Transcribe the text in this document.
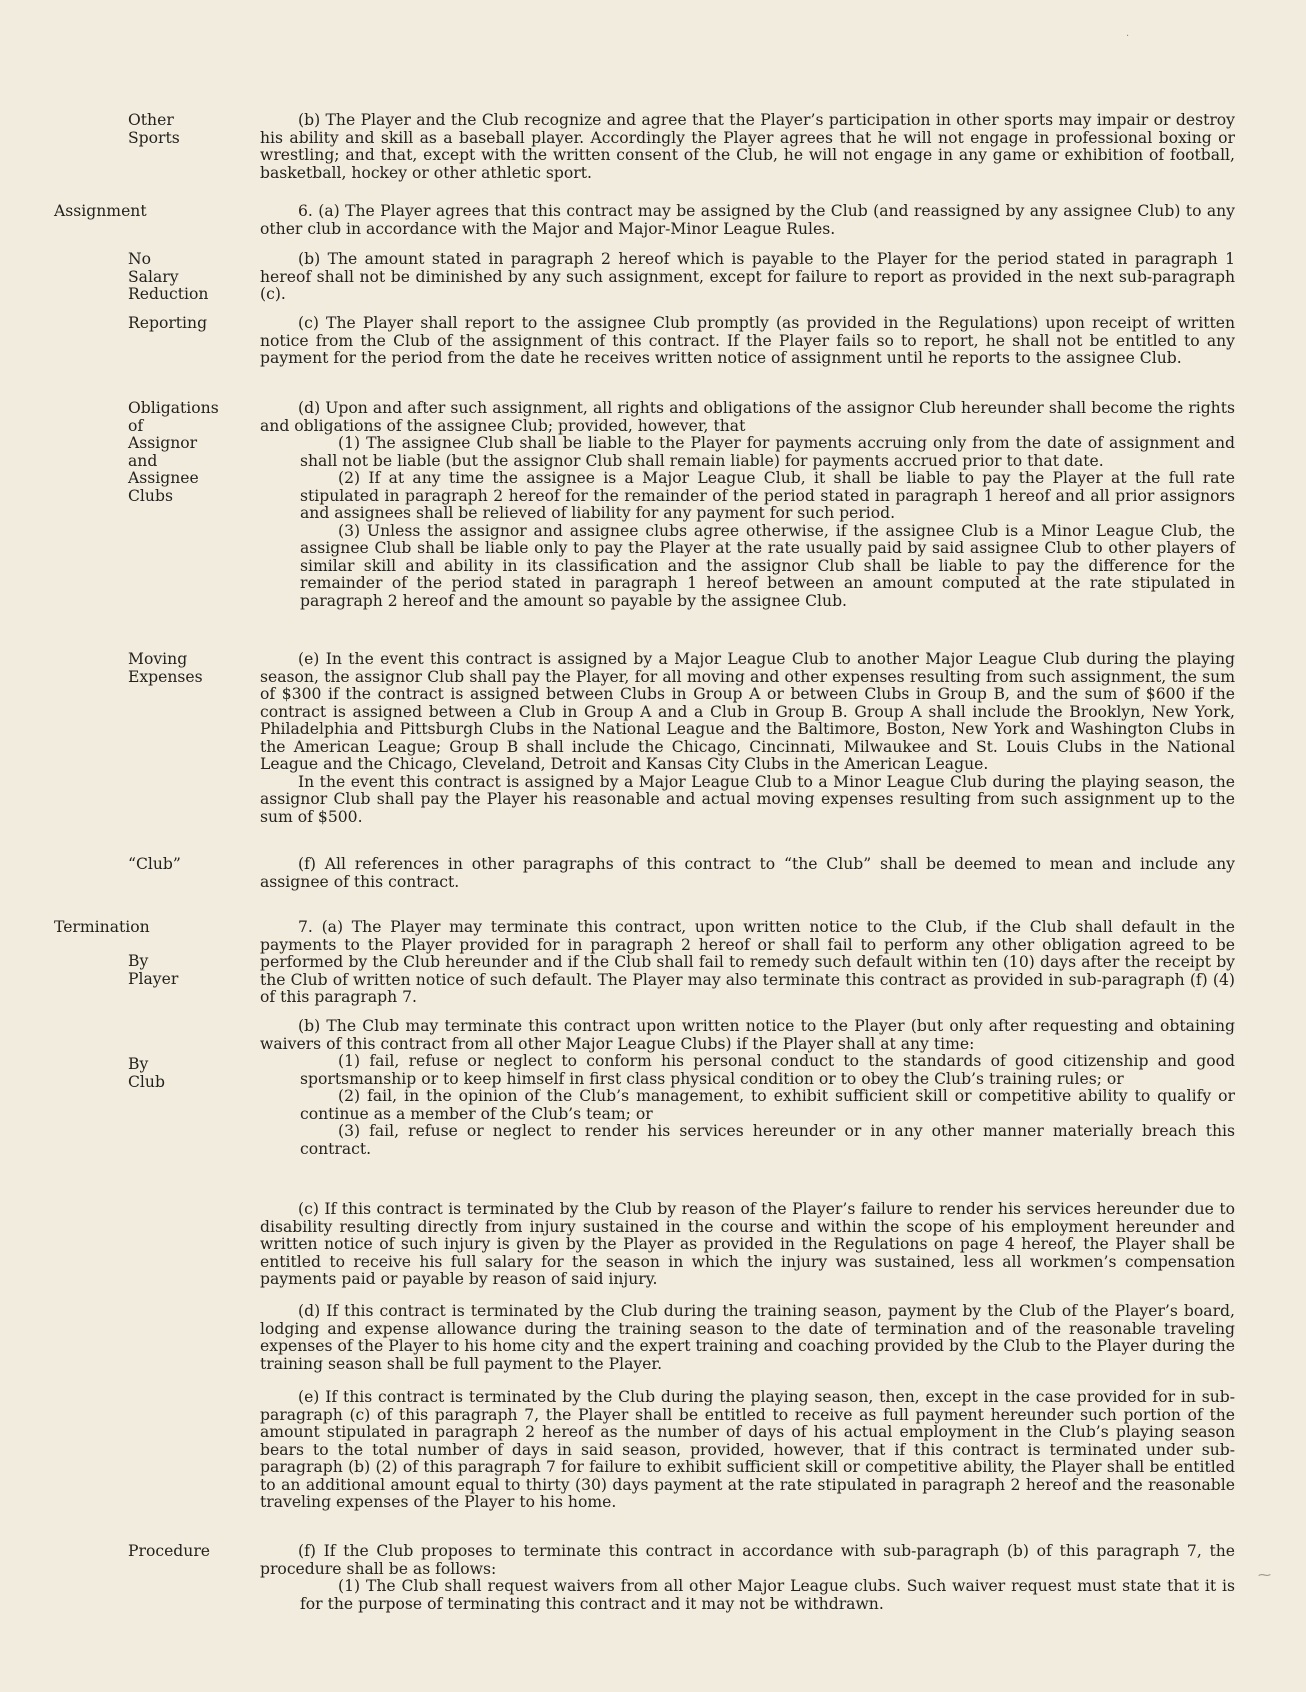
Other
Sports

(b) The Player and the Club recognize and agree that the Player’s participation in other sports may impair or destroy his ability and skill as a baseball player. Accordingly the Player agrees that he will not engage in professional boxing or wrestling; and that, except with the written consent of the Club, he will not engage in any game or exhibition of football, basketball, hockey or other athletic sport.

Assignment	6. (a) The Player agrees that this contract may be assigned by the Club (and reassigned by any assignee Club) to any other club in accordance with the Major and Major-Minor League Rules.

No
Salary
Reduction

(b) The amount stated in paragraph 2 hereof which is payable to the Player for the period stated in paragraph 1 hereof shall not be diminished by any such assignment, except for failure to report as provided in the next sub-paragraph (c).

Reporting	(c) The Player shall report to the assignee Club promptly (as provided in the Regulations) upon receipt of written notice from the Club of the assignment of this contract. If the Player fails so to report, he shall not be entitled to any payment for the period from the date he receives written notice of assignment until he reports to the assignee Club.

Obligations
of
Assignor
and
Assignee
Clubs

(d) Upon and after such assignment, all rights and obligations of the assignor Club hereunder shall become the rights and obligations of the assignee Club; provided, however, that

(1) The assignee Club shall be liable to the Player for payments accruing only from the date of assignment and shall not be liable (but the assignor Club shall remain liable) for payments accrued prior to that date.

(2) If at any time the assignee is a Major League Club, it shall be liable to pay the Player at the full rate stipulated in paragraph 2 hereof for the remainder of the period stated in paragraph 1 hereof and all prior assignors and assignees shall be relieved of liability for any payment for such period.

(3) Unless the assignor and assignee clubs agree otherwise, if the assignee Club is a Minor League Club, the assignee Club shall be liable only to pay the Player at the rate usually paid by said assignee Club to other players of similar skill and ability in its classification and the assignor Club shall be liable to pay the difference for the remainder of the period stated in paragraph 1 hereof between an amount computed at the rate stipulated in paragraph 2 hereof and the amount so payable by the assignee Club.

Moving
Expenses

(e) In the event this contract is assigned by a Major League Club to another Major League Club during the playing season, the assignor Club shall pay the Player, for all moving and other expenses resulting from such assignment, the sum of $300 if the contract is assigned between Clubs in Group A or between Clubs in Group B, and the sum of $600 if the contract is assigned between a Club in Group A and a Club in Group B. Group A shall include the Brooklyn, New York, Philadelphia and Pittsburgh Clubs in the National League and the Baltimore, Boston, New York and Washington Clubs in the American League; Group B shall include the Chicago, Cincinnati, Milwaukee and St. Louis Clubs in the National League and the Chicago, Cleveland, Detroit and Kansas City Clubs in the American League.

In the event this contract is assigned by a Major League Club to a Minor League Club during the playing season, the assignor Club shall pay the Player his reasonable and actual moving expenses resulting from such assignment up to the sum of $500.

“Club”	(f) All references in other paragraphs of this contract to “the Club” shall be deemed to mean and include any assignee of this contract.

Termination
By
Player

7. (a) The Player may terminate this contract, upon written notice to the Club, if the Club shall default in the payments to the Player provided for in paragraph 2 hereof or shall fail to perform any other obligation agreed to be performed by the Club hereunder and if the Club shall fail to remedy such default within ten (10) days after the receipt by the Club of written notice of such default. The Player may also terminate this contract as provided in sub-paragraph (f) (4) of this paragraph 7.

By
Club

(b) The Club may terminate this contract upon written notice to the Player (but only after requesting and obtaining waivers of this contract from all other Major League Clubs) if the Player shall at any time:

(1) fail, refuse or neglect to conform his personal conduct to the standards of good citizenship and good sportsmanship or to keep himself in first class physical condition or to obey the Club’s training rules; or

(2) fail, in the opinion of the Club’s management, to exhibit sufficient skill or competitive ability to qualify or continue as a member of the Club’s team; or

(3) fail, refuse or neglect to render his services hereunder or in any other manner materially breach this contract.

(c) If this contract is terminated by the Club by reason of the Player’s failure to render his services hereunder due to disability resulting directly from injury sustained in the course and within the scope of his employment hereunder and written notice of such injury is given by the Player as provided in the Regulations on page 4 hereof, the Player shall be entitled to receive his full salary for the season in which the injury was sustained, less all workmen’s compensation payments paid or payable by reason of said injury.

(d) If this contract is terminated by the Club during the training season, payment by the Club of the Player’s board, lodging and expense allowance during the training season to the date of termination and of the reasonable traveling expenses of the Player to his home city and the expert training and coaching provided by the Club to the Player during the training season shall be full payment to the Player.

(e) If this contract is terminated by the Club during the playing season, then, except in the case provided for in sub-paragraph (c) of this paragraph 7, the Player shall be entitled to receive as full payment hereunder such portion of the amount stipulated in paragraph 2 hereof as the number of days of his actual employment in the Club’s playing season bears to the total number of days in said season, provided, however, that if this contract is terminated under sub-paragraph (b) (2) of this paragraph 7 for failure to exhibit sufficient skill or competitive ability, the Player shall be entitled to an additional amount equal to thirty (30) days payment at the rate stipulated in paragraph 2 hereof and the reasonable traveling expenses of the Player to his home.

Procedure	(f) If the Club proposes to terminate this contract in accordance with sub-paragraph (b) of this paragraph 7, the procedure shall be as follows:

(1) The Club shall request waivers from all other Major League clubs. Such waiver request must state that it is for the purpose of terminating this contract and it may not be withdrawn.

·
⁓
